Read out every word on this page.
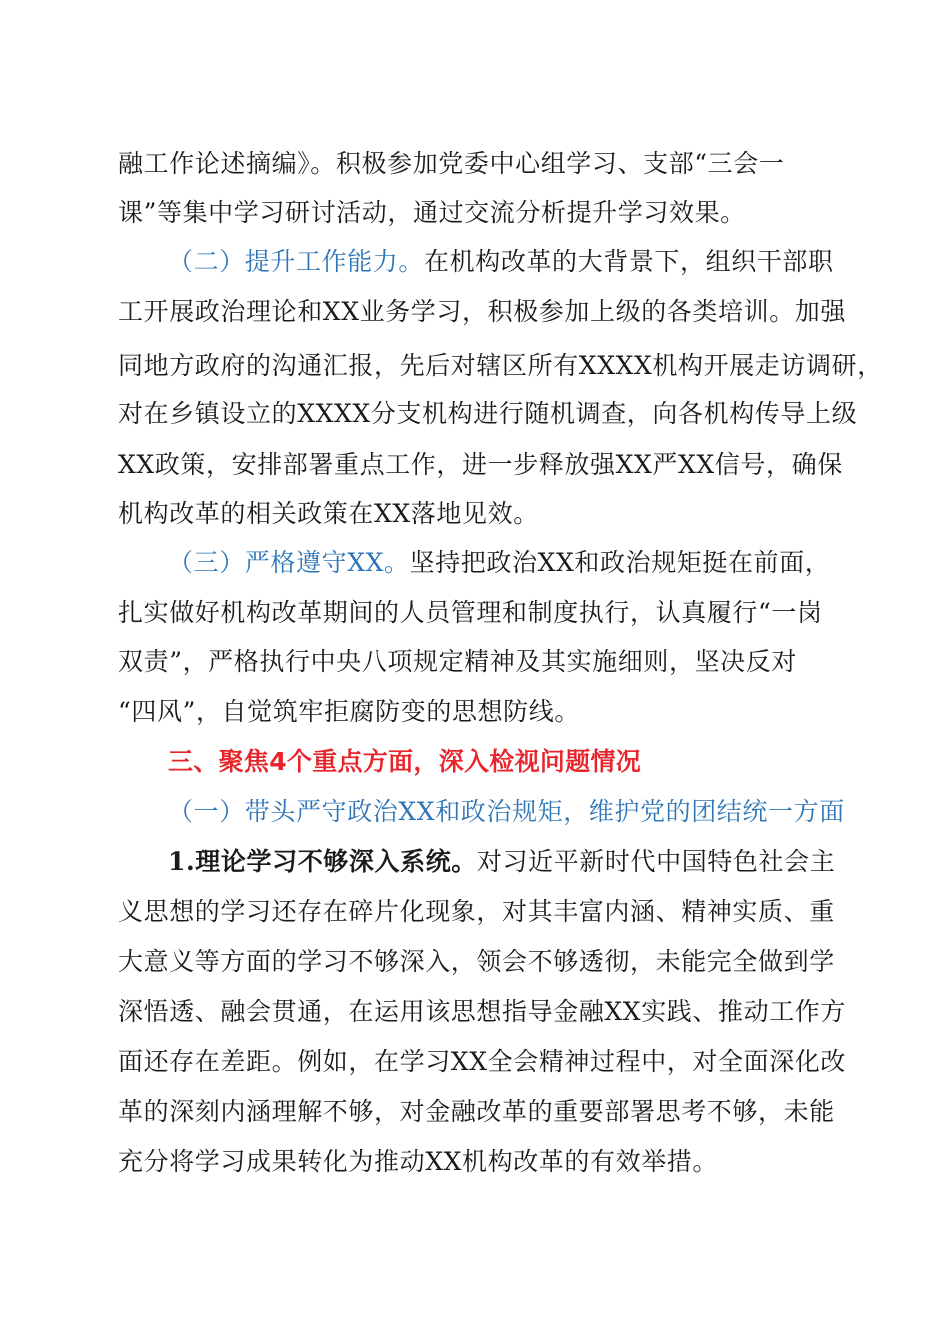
融工作论述摘编》。积极参加党委中心组学习、支部“三会一
课”等集中学习研讨活动，通过交流分析提升学习效果。
（二）提升工作能力。在机构改革的大背景下，组织干部职
工开展政治理论和XX业务学习，积极参加上级的各类培训。加强
同地方政府的沟通汇报，先后对辖区所有XXXX机构开展走访调研，
对在乡镇设立的XXXX分支机构进行随机调查，向各机构传导上级
XX政策，安排部署重点工作，进一步释放强XX严XX信号，确保
机构改革的相关政策在XX落地见效。
（三）严格遵守XX。坚持把政治XX和政治规矩挺在前面，
扎实做好机构改革期间的人员管理和制度执行，认真履行“一岗
双责”，严格执行中央八项规定精神及其实施细则，坚决反对
“四风”，自觉筑牢拒腐防变的思想防线。
三、聚焦4个重点方面，深入检视问题情况
（一）带头严守政治XX和政治规矩，维护党的团结统一方面
1.理论学习不够深入系统。对习近平新时代中国特色社会主
义思想的学习还存在碎片化现象，对其丰富内涵、精神实质、重
大意义等方面的学习不够深入，领会不够透彻，未能完全做到学
深悟透、融会贯通，在运用该思想指导金融XX实践、推动工作方
面还存在差距。例如，在学习XX全会精神过程中，对全面深化改
革的深刻内涵理解不够，对金融改革的重要部署思考不够，未能
充分将学习成果转化为推动XX机构改革的有效举措。
